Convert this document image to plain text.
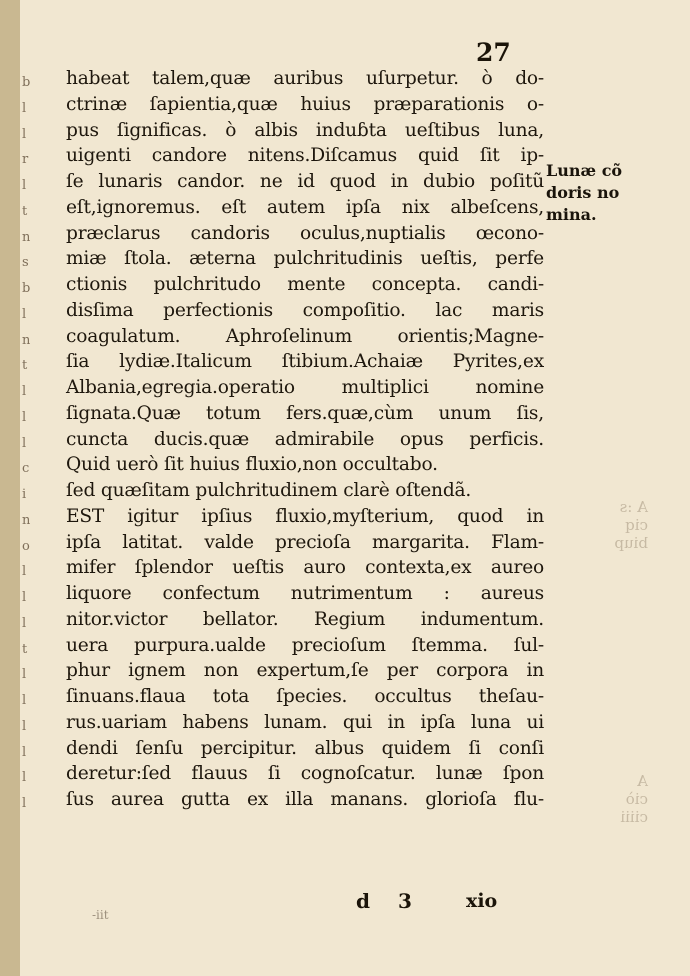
b
l
l
r
l
t
n
s
b
l
n
t
l
l
l
c
i
n
o
l
l
l
t
l
l
l
l
l
l
27
habeat talem,quæ auribus uſurpetur. ò do-
ctrinæ ſapientia,quæ huius præparationis o-
pus ſignificas. ò albis induɓta ueſtibus luna,
uigenti candore nitens.Diſcamus quid ſit ip-
ſe lunaris candor. ne id quod in dubio poſitũ
eſt,ignoremus. eſt autem ipſa nix albeſcens,
præclarus candoris oculus,nuptialis œcono-
miæ ſtola. æterna pulchritudinis ueſtis, perfe
ctionis pulchritudo mente concepta. candi-
disſima perfectionis compoſitio. lac maris
coagulatum. Aphroſelinum orientis;Magne-
ſia lydiæ.Italicum ſtibium.Achaiæ Pyrites,ex
Albania,egregia.operatio multiplici nomine
ſignata.Quæ totum fers.quæ,cùm unum ſis,
cuncta ducis.quæ admirabile opus perficis.
Quid uerò ſit huius fluxio,non occultabo.
ſed quæſitam pulchritudinem clarè oſtendã.
EST igitur ipſius fluxio,myſterium, quod in
ipſa latitat. valde precioſa margarita. Flam-
mifer ſplendor ueſtis auro contexta,ex aureo
liquore confectum nutrimentum : aureus
nitor.victor bellator. Regium indumentum.
uera purpura.ualde precioſum ſtemma. ſul-
phur ignem non expertum,ſe per corpora in
ſinuans.flaua tota ſpecies. occultus theſau-
rus.uariam habens lunam. qui in ipſa luna ui
dendi ſenſu percipitur. albus quidem ſi conſi
deretur:ſed flauus ſi cognoſcatur. lunæ ſpon
ſus aurea gutta ex illa manans. glorioſa flu-
Lunæ cõ
doris no
mina.
A :s
ciq
biup
A
ciò
ciiii
d 3	xio
-iit
